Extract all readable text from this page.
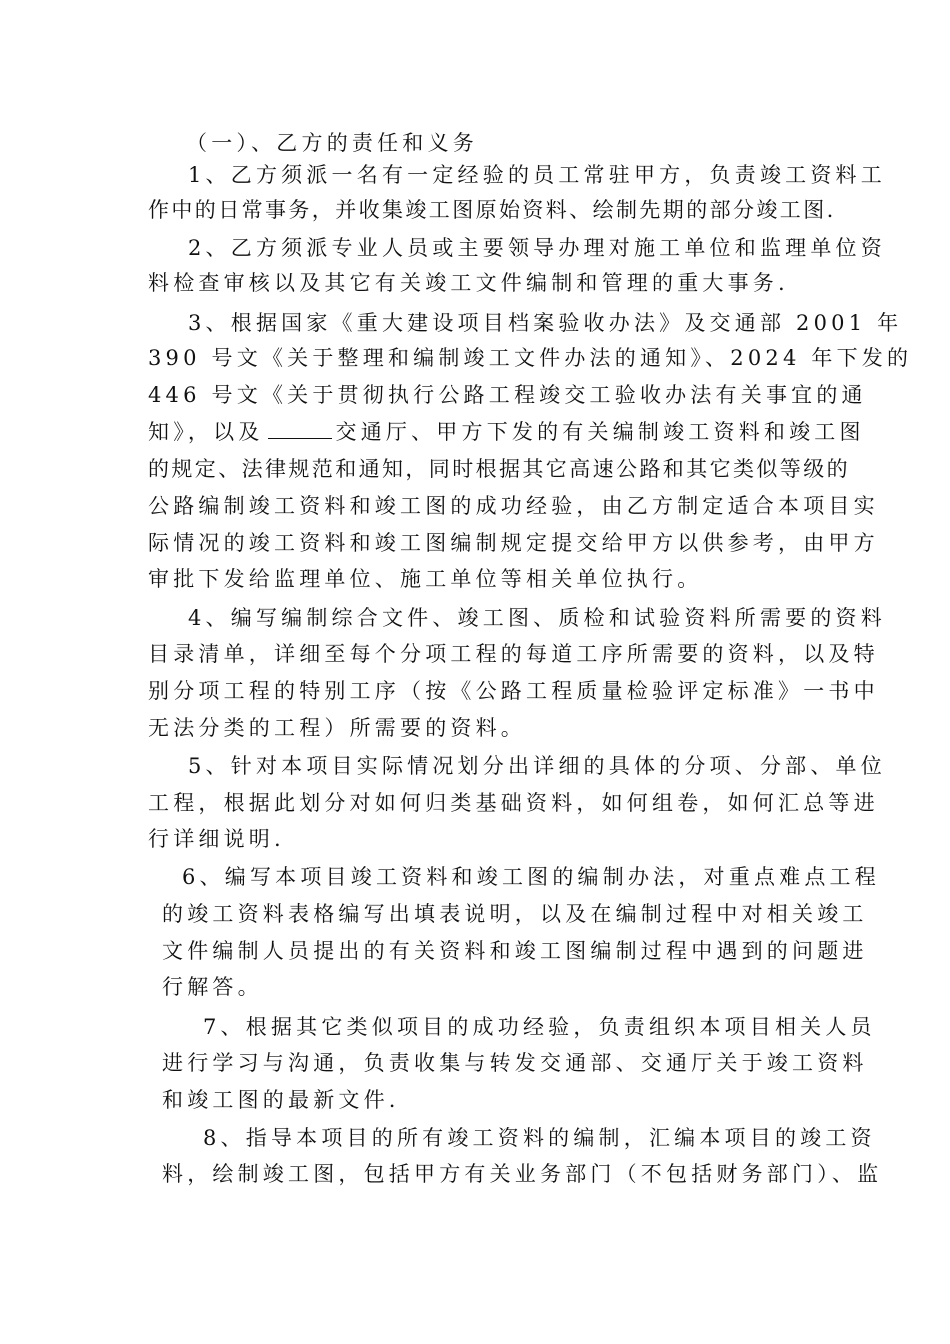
（一）、乙方的责任和义务
1、乙方须派一名有一定经验的员工常驻甲方，负责竣工资料工
作中的日常事务，并收集竣工图原始资料、绘制先期的部分竣工图.
2、乙方须派专业人员或主要领导办理对施工单位和监理单位资
料检查审核以及其它有关竣工文件编制和管理的重大事务.
3、根据国家《重大建设项目档案验收办法》及交通部 2001 年
390 号文《关于整理和编制竣工文件办法的通知》、2024 年下发的
446 号文《关于贯彻执行公路工程竣交工验收办法有关事宜的通
知》，以及	交通厅、甲方下发的有关编制竣工资料和竣工图
的规定、法律规范和通知，同时根据其它高速公路和其它类似等级的
公路编制竣工资料和竣工图的成功经验，由乙方制定适合本项目实
际情况的竣工资料和竣工图编制规定提交给甲方以供参考，由甲方
审批下发给监理单位、施工单位等相关单位执行。
4、编写编制综合文件、竣工图、质检和试验资料所需要的资料
目录清单，详细至每个分项工程的每道工序所需要的资料，以及特
别分项工程的特别工序（按《公路工程质量检验评定标准》一书中
无法分类的工程）所需要的资料。
5、针对本项目实际情况划分出详细的具体的分项、分部、单位
工程，根据此划分对如何归类基础资料，如何组卷，如何汇总等进
行详细说明.
6、编写本项目竣工资料和竣工图的编制办法，对重点难点工程
的竣工资料表格编写出填表说明，以及在编制过程中对相关竣工
文件编制人员提出的有关资料和竣工图编制过程中遇到的问题进
行解答。
7、根据其它类似项目的成功经验，负责组织本项目相关人员
进行学习与沟通，负责收集与转发交通部、交通厅关于竣工资料
和竣工图的最新文件.
8、指导本项目的所有竣工资料的编制，汇编本项目的竣工资
料，绘制竣工图，包括甲方有关业务部门（不包括财务部门）、监
